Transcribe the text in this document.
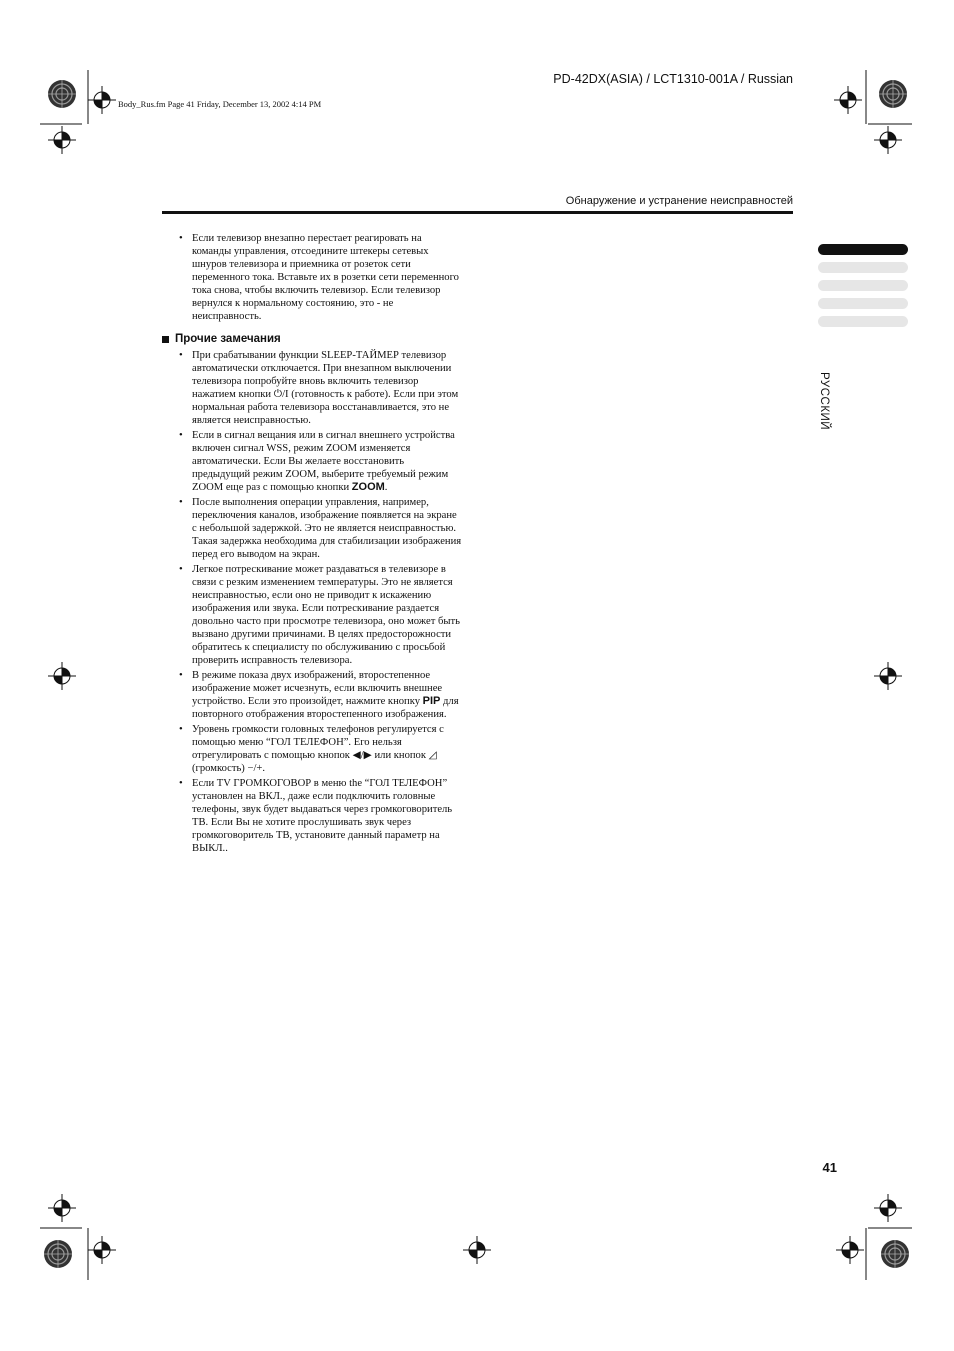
PD-42DX(ASIA) / LCT1310-001A / Russian
Body_Rus.fm Page 41 Friday, December 13, 2002 4:14 PM
Обнаружение и устранение неисправностей
РУССКИЙ
• Если телевизор внезапно перестает реагировать на команды управления, отсоедините штекеры сетевых шнуров телевизора и приемника от розеток сети переменного тока. Вставьте их в розетки сети переменного тока снова, чтобы включить телевизор. Если телевизор вернулся к нормальному состоянию, это - не неисправность.
Прочие замечания
• При срабатывании функции SLEEP-ТАЙМЕР телевизор автоматически отключается. При внезапном выключении телевизора попробуйте вновь включить телевизор нажатием кнопки ⏻/I (готовность к работе). Если при этом нормальная работа телевизора восстанавливается, это не является неисправностью.
• Если в сигнал вещания или в сигнал внешнего устройства включен сигнал WSS, режим ZOOM изменяется автоматически. Если Вы желаете восстановить предыдущий режим ZOOM, выберите требуемый режим ZOOM еще раз с помощью кнопки ZOOM.
• После выполнения операции управления, например, переключения каналов, изображение появляется на экране с небольшой задержкой. Это не является неисправностью. Такая задержка необходима для стабилизации изображения перед его выводом на экран.
• Легкое потрескивание может раздаваться в телевизоре в связи с резким изменением температуры. Это не является неисправностью, если оно не приводит к искажению изображения или звука. Если потрескивание раздается довольно часто при просмотре телевизора, оно может быть вызвано другими причинами. В целях предосторожности обратитесь к специалисту по обслуживанию с просьбой проверить исправность телевизора.
• В режиме показа двух изображений, второстепенное изображение может исчезнуть, если включить внешнее устройство. Если это произойдет, нажмите кнопку PIP для повторного отображения второстепенного изображения.
• Уровень громкости головных телефонов регулируется с помощью меню “ГОЛ ТЕЛЕФОН”. Его нельзя отрегулировать с помощью кнопок ◀/▶ или кнопок ◿ (громкость) −/+.
• Если TV ГРОМКОГОВОР в меню the “ГОЛ ТЕЛЕФОН” установлен на ВКЛ., даже если подключить головные телефоны, звук будет выдаваться через громкоговоритель ТВ. Если Вы не хотите прослушивать звук через громкоговоритель ТВ, установите данный параметр на ВЫКЛ..
41
